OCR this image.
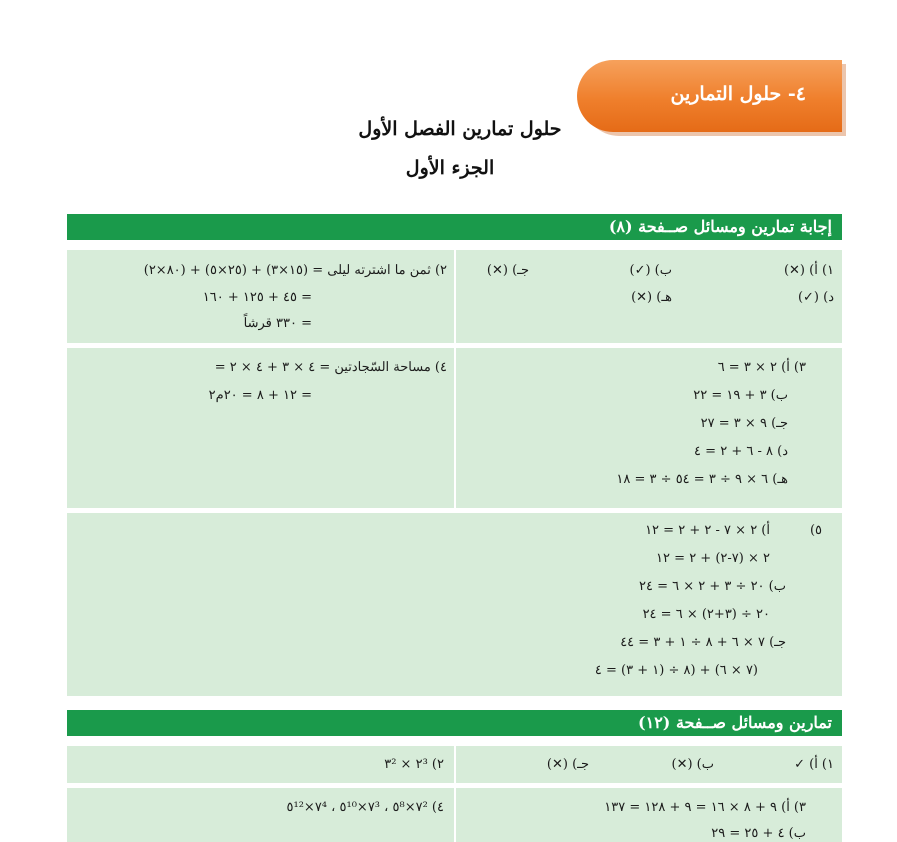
٤- حلول التمارين
حلول تمارين الفصل الأول
الجزء الأول
إجابة تمارين ومسائل صــفحة (٨)
١) أ) (✕)
ب) (✓)
جـ) (✕)
د) (✓)
هـ) (✕)
٢) ثمن ما اشترته ليلى = (١٥×٣) + (٢٥×٥) + (٨٠×٢)
= ٤٥ + ١٢٥ + ١٦٠
= ٣٣٠ قرشاً
٣) أ) ٢ × ٣ = ٦
ب) ٣ + ١٩ = ٢٢
جـ) ٩ × ٣ = ٢٧
د) ٨ - ٦ + ٢ = ٤
هـ) ٦ × ٩ ÷ ٣ = ٥٤ ÷ ٣ = ١٨
٤) مساحة السّجادتين = ٤ × ٣ + ٤ × ٢ =
= ١٢ + ٨ = ٢٠م٢
٥)
أ) ٢ × ٧ - ٢ + ٢ = ١٢
٢ × (٧-٢) + ٢ = ١٢
ب) ٢٠ ÷ ٣ + ٢ × ٦ = ٢٤
٢٠ ÷ (٣+٢) × ٦ = ٢٤
جـ) ٧ × ٦ + ٨ ÷ ١ + ٣ = ٤٤
(٧ × ٦) + (٨ ÷ (١ + ٣) = ٤
تمارين ومسائل صــفحة (١٢)
١) أ) ✓
ب) (✕)
جـ) (✕)
٢) ٢³ × ٣²
٣) أ) ٩ + ٨ × ١٦ = ٩ + ١٢٨ = ١٣٧
ب) ٤ + ٢٥ = ٢٩
٤) ٧²×٥⁸ ، ٧³×٥¹⁰ ، ٧⁴×٥¹²
